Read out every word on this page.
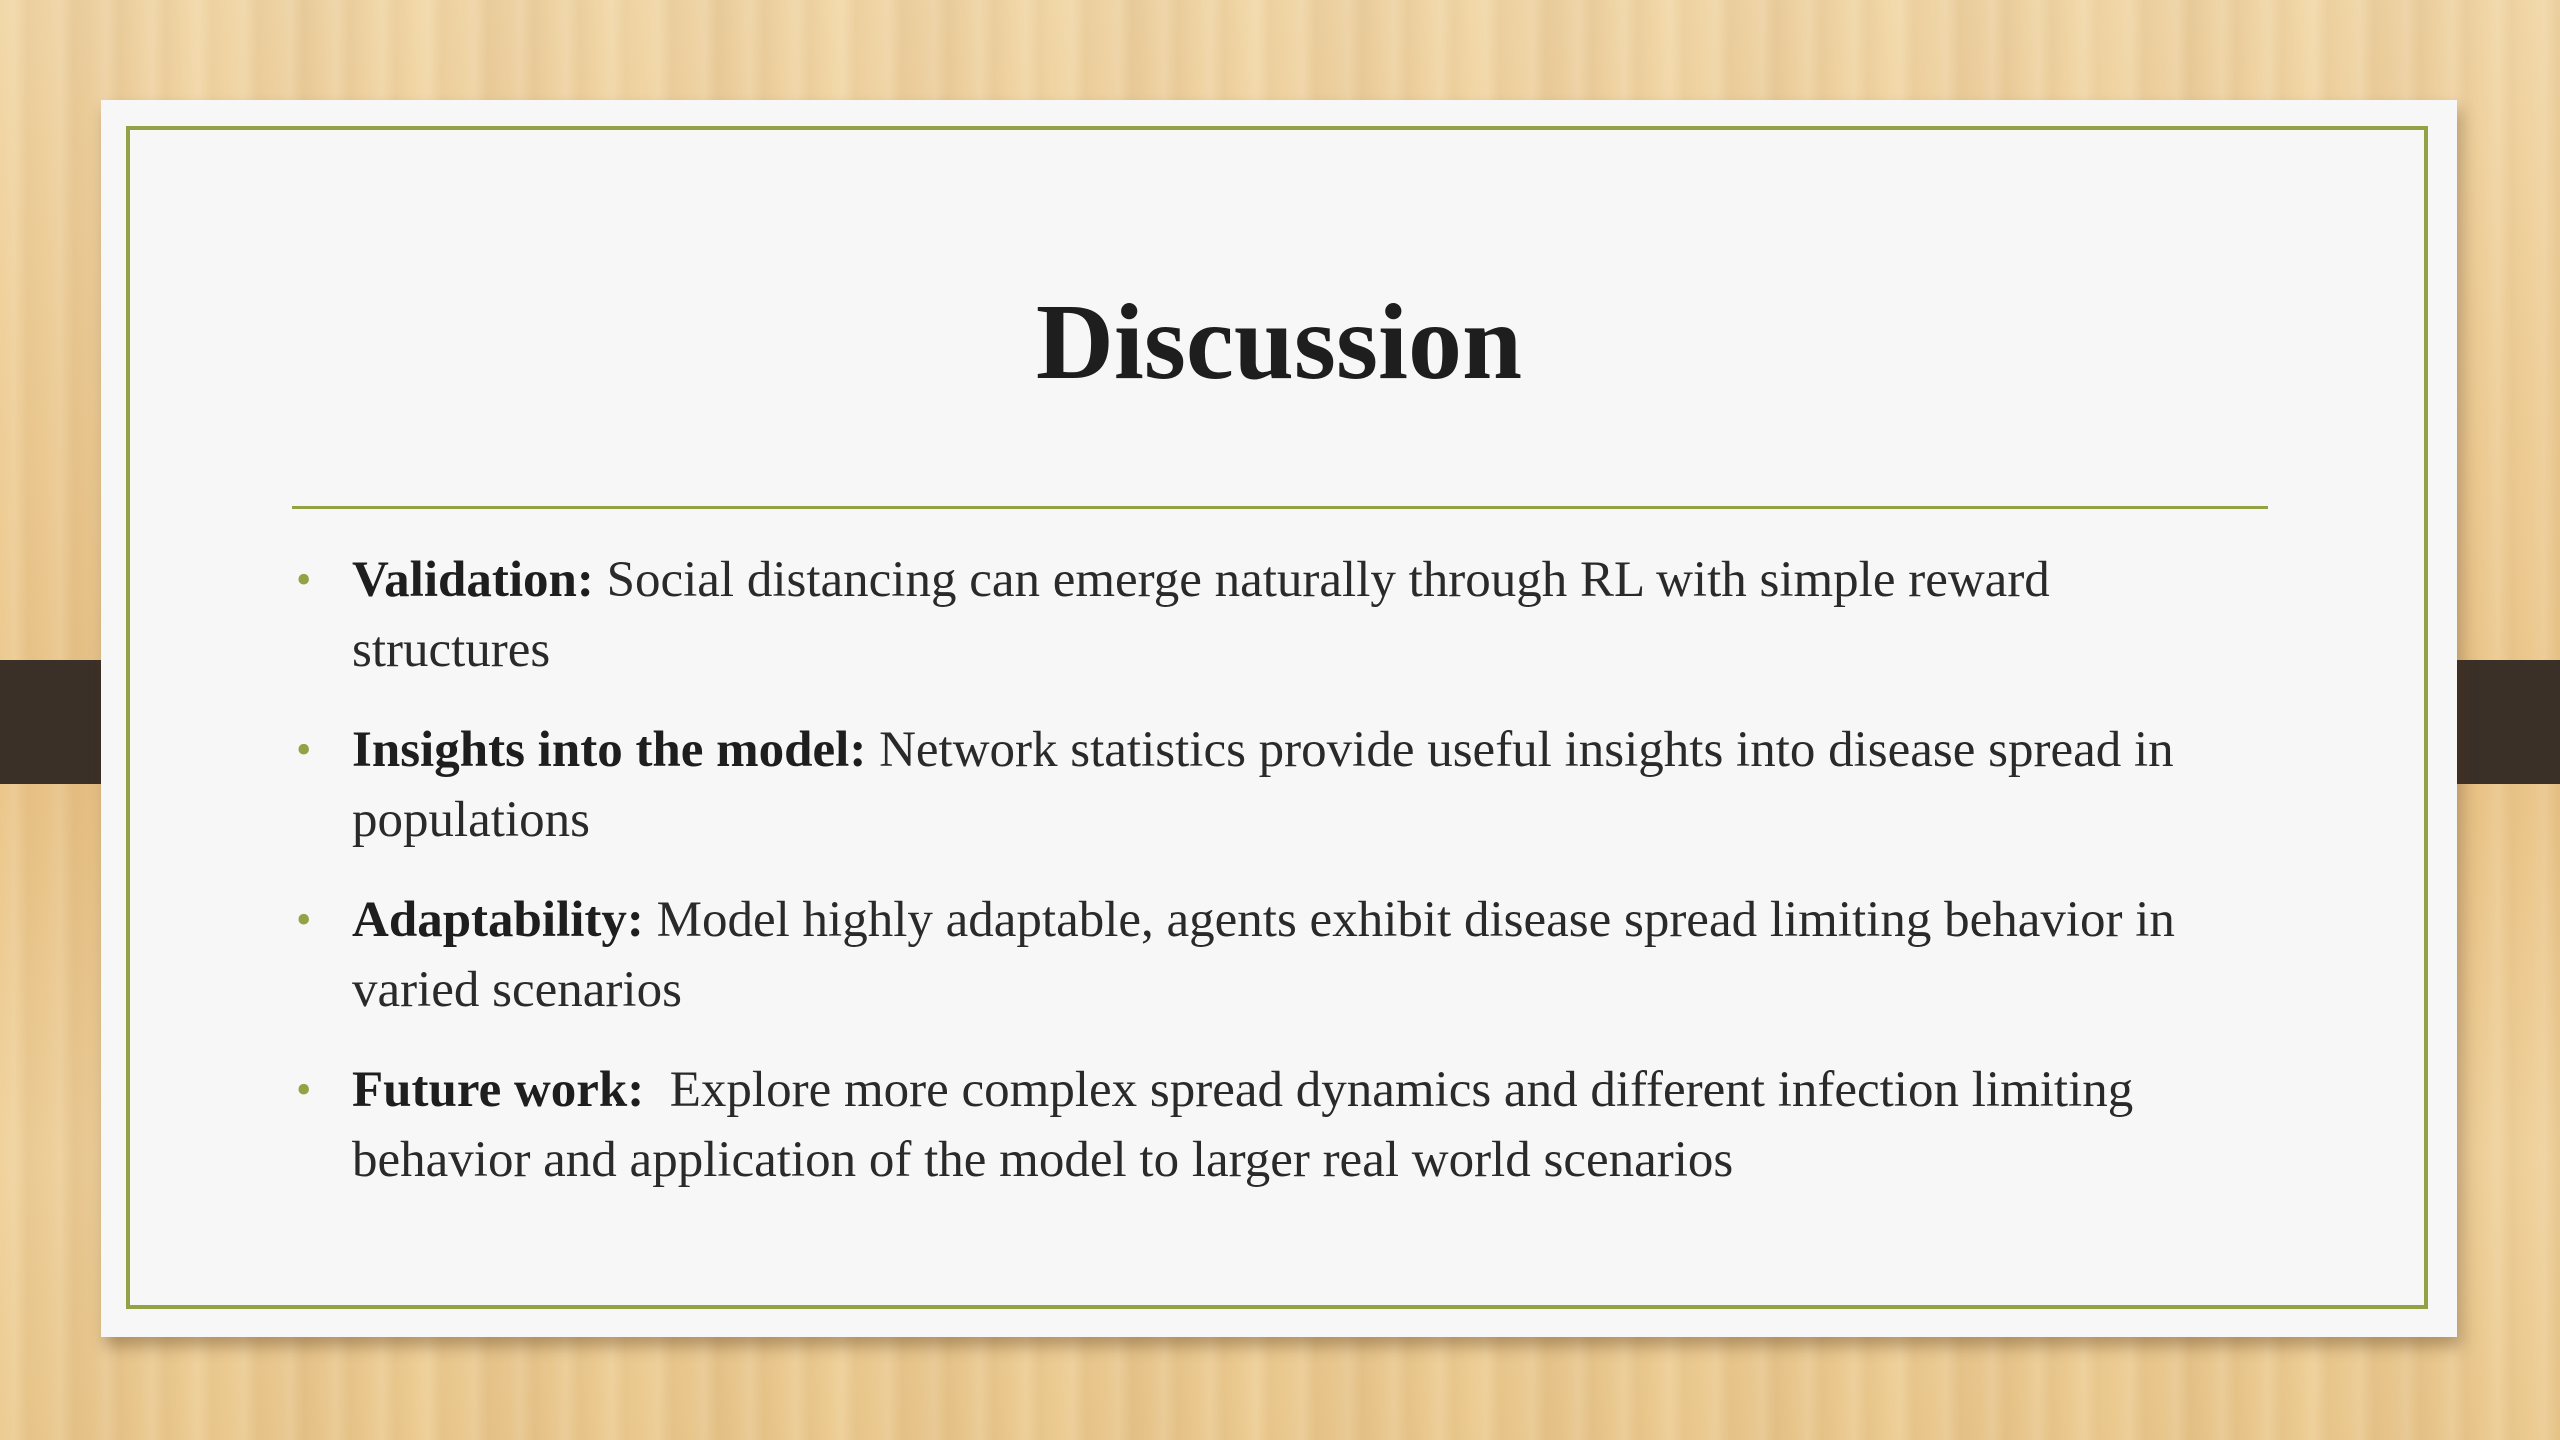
Discussion
• Validation: Social distancing can emerge naturally through RL with simple reward structures
• Insights into the model: Network statistics provide useful insights into disease spread in populations
• Adaptability: Model highly adaptable, agents exhibit disease spread limiting behavior in varied scenarios
• Future work:  Explore more complex spread dynamics and different infection limiting behavior and application of the model to larger real world scenarios
